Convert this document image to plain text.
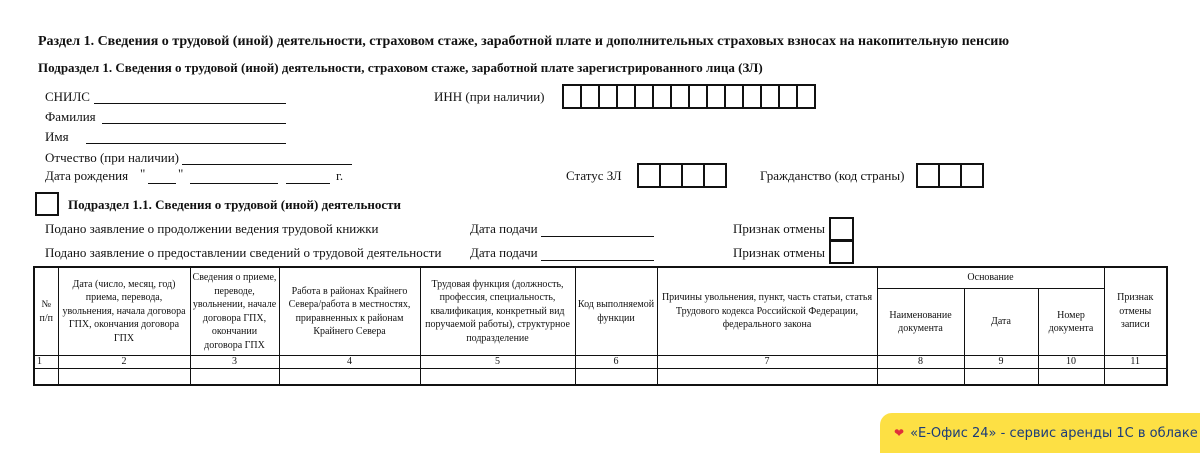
Раздел 1. Сведения о трудовой (иной) деятельности, страховом стаже, заработной плате и дополнительных страховых взносах на накопительную пенсию
Подраздел 1. Сведения о трудовой (иной) деятельности, страховом стаже, заработной плате зарегистрированного лица (ЗЛ)
СНИЛС
Фамилия
Имя
Отчество (при наличии)
Дата рождения "	"	г.
ИНН (при наличии)
Статус ЗЛ	Гражданство (код страны)
Подраздел 1.1. Сведения о трудовой (иной) деятельности
Подано заявление о продолжении ведения трудовой книжки	Дата подачи	Признак отмены
Подано заявление о предоставлении сведений о трудовой деятельности Дата подачи	Признак отмены
№ п/п	Дата (число, месяц, год) приема, перевода, увольнения, начала договора ГПХ, окончания договора ГПХ	Сведения о приеме, переводе, увольнении, начале договора ГПХ, окончании договора ГПХ	Работа в районах Крайнего Севера/работа в местностях, приравненных к районам Крайнего Севера	Трудовая функция (должность, профессия, специальность, квалификация, конкретный вид поручаемой работы), структурное подразделение	Код выполняемой функции	Причины увольнения, пункт, часть статьи, статья Трудового кодекса Российской Федерации, федерального закона	Основание			Признак отмены записи
							Наименование документа	Дата	Номер документа	
1	2	3	4	5	6	7	8	9	10	11

❤ «Е-Офис 24» - сервис аренды 1С в облаке
